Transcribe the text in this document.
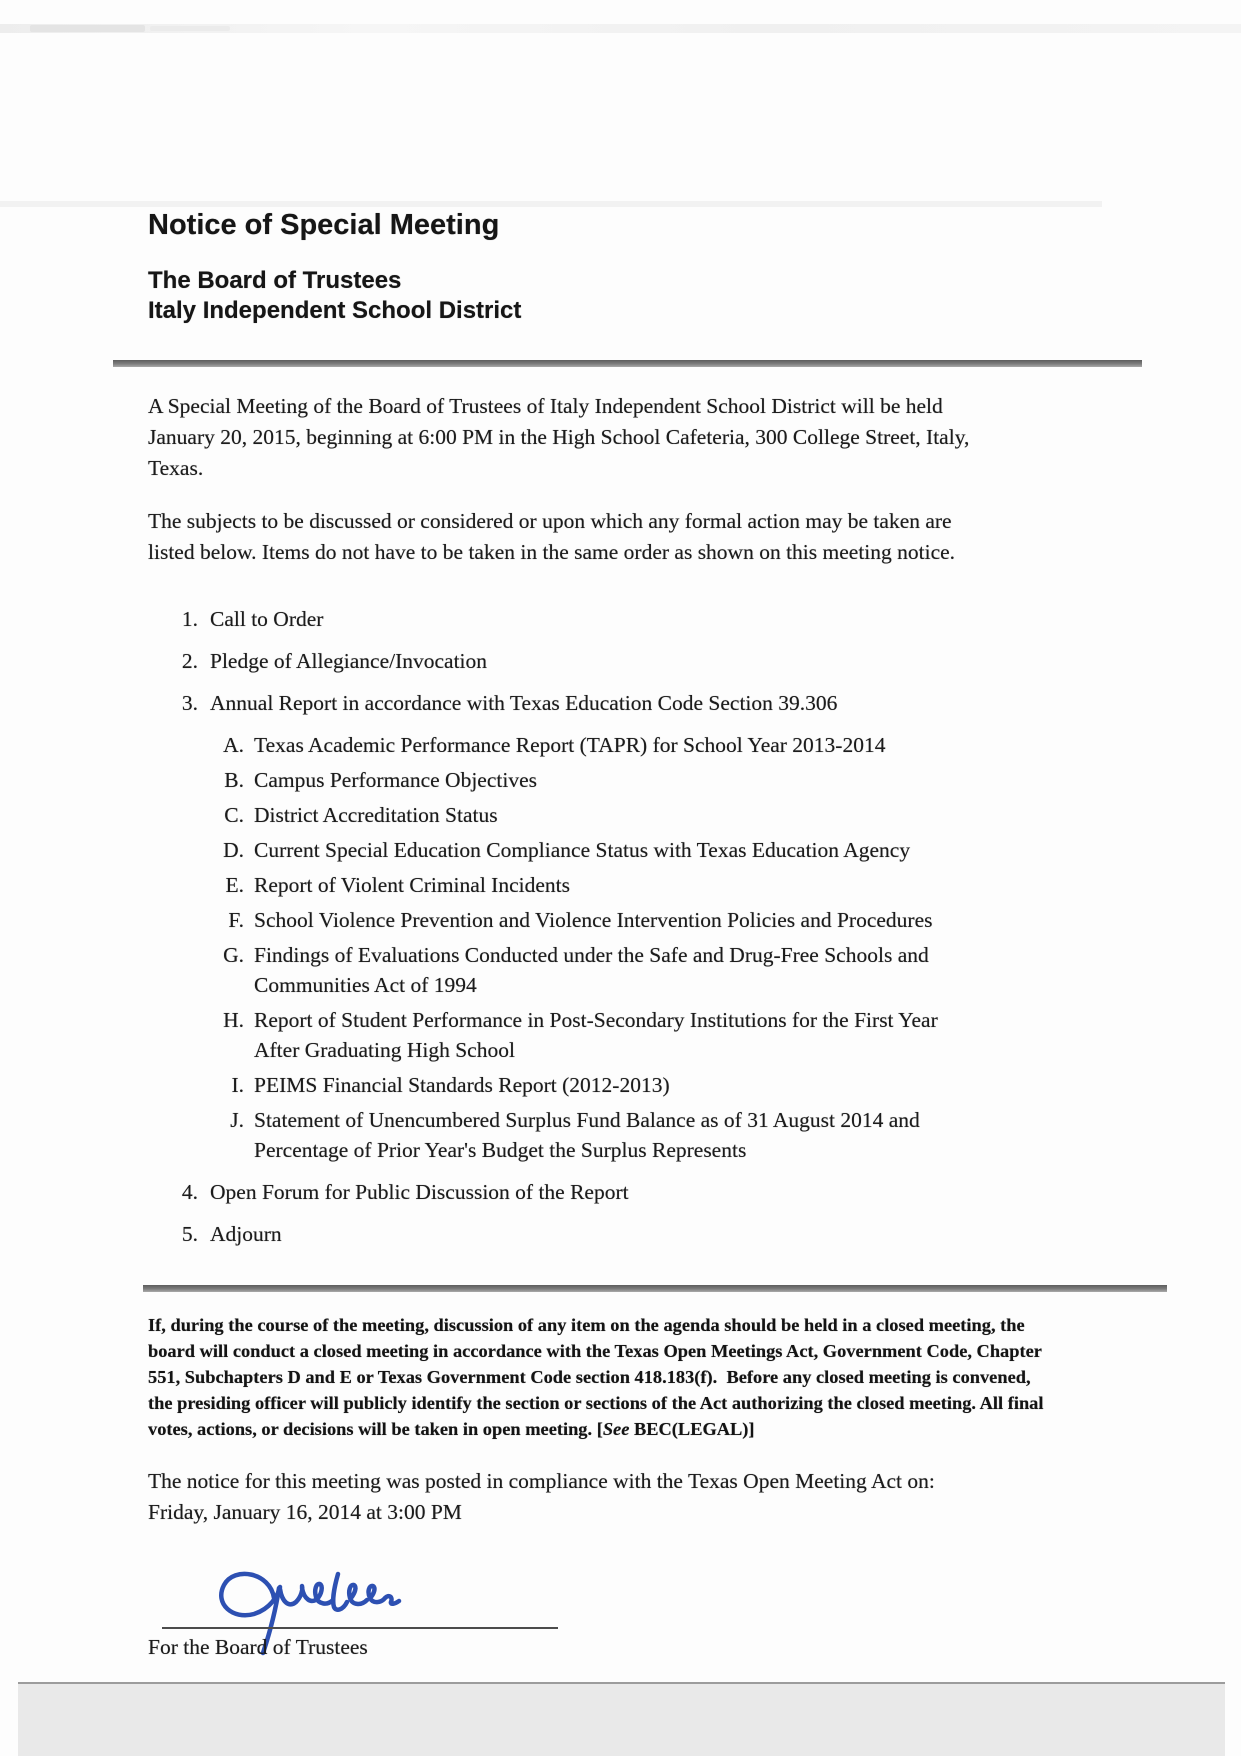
Notice of Special Meeting
The Board of Trustees
Italy Independent School District
A Special Meeting of the Board of Trustees of Italy Independent School District will be held
January 20, 2015, beginning at 6:00 PM in the High School Cafeteria, 300 College Street, Italy,
Texas.
The subjects to be discussed or considered or upon which any formal action may be taken are
listed below. Items do not have to be taken in the same order as shown on this meeting notice.
1. Call to Order
2. Pledge of Allegiance/Invocation
3. Annual Report in accordance with Texas Education Code Section 39.306
A. Texas Academic Performance Report (TAPR) for School Year 2013-2014
B. Campus Performance Objectives
C. District Accreditation Status
D. Current Special Education Compliance Status with Texas Education Agency
E. Report of Violent Criminal Incidents
F. School Violence Prevention and Violence Intervention Policies and Procedures
G. Findings of Evaluations Conducted under the Safe and Drug-Free Schools and
Communities Act of 1994
H. Report of Student Performance in Post-Secondary Institutions for the First Year
After Graduating High School
I. PEIMS Financial Standards Report (2012-2013)
J. Statement of Unencumbered Surplus Fund Balance as of 31 August 2014 and
Percentage of Prior Year's Budget the Surplus Represents
4. Open Forum for Public Discussion of the Report
5. Adjourn
If, during the course of the meeting, discussion of any item on the agenda should be held in a closed meeting, the
board will conduct a closed meeting in accordance with the Texas Open Meetings Act, Government Code, Chapter
551, Subchapters D and E or Texas Government Code section 418.183(f).  Before any closed meeting is convened,
the presiding officer will publicly identify the section or sections of the Act authorizing the closed meeting. All final
votes, actions, or decisions will be taken in open meeting. [See BEC(LEGAL)]
The notice for this meeting was posted in compliance with the Texas Open Meeting Act on:
Friday, January 16, 2014 at 3:00 PM
For the Board of Trustees
